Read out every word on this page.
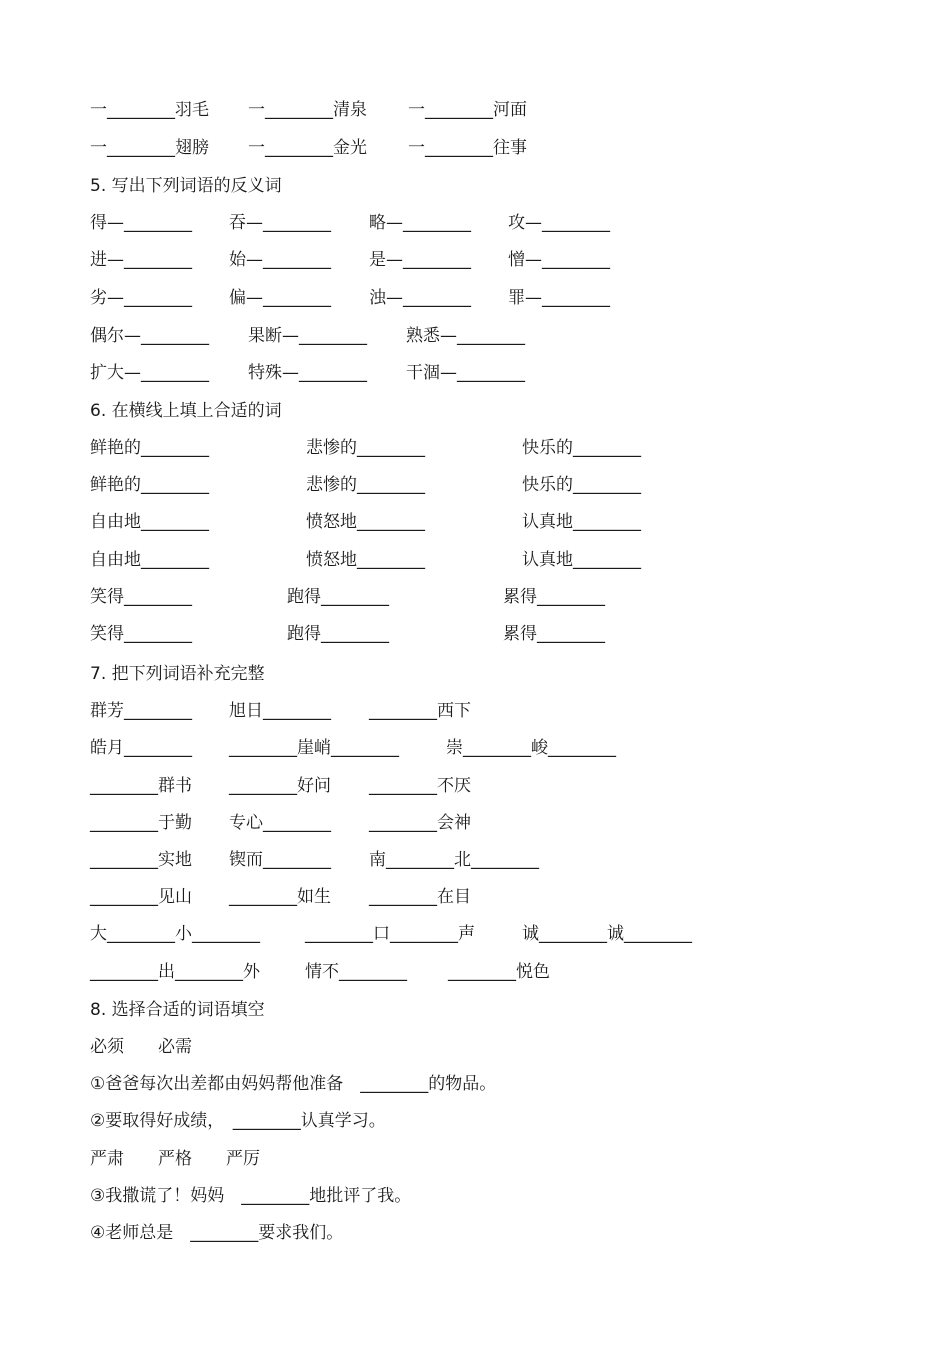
一________羽毛 一________清泉 一________河面
一________翅膀 一________金光 一________往事
5. 写出下列词语的反义词
得—________ 吞—________ 略—________ 攻—________
进—________ 始—________ 是—________ 憎—________
劣—________ 偏—________ 浊—________ 罪—________
偶尔—________ 果断—________ 熟悉—________
扩大—________ 特殊—________ 干涸—________
6. 在横线上填上合适的词
鲜艳的________	悲惨的________	快乐的________
鲜艳的________	悲惨的________	快乐的________
自由地________	愤怒地________	认真地________
自由地________	愤怒地________	认真地________
笑得________	跑得________	累得________
笑得________	跑得________	累得________
7. 把下列词语补充完整
群芳________ 旭日________ ________西下
皓月________ ________崖峭________	崇________峻________
________群书 ________好问 ________不厌
________于勤 专心________ ________会神
________实地 锲而________ 南________北________
________见山 ________如生 ________在目
大________小________	________口________声	诚________诚________
________出________外	情不________ ________悦色
8. 选择合适的词语填空
必须　　必需
①爸爸每次出差都由妈妈帮他准备　________的物品。
②要取得好成绩，　________认真学习。
严肃　　严格　　严厉
③我撒谎了！妈妈　________地批评了我。
④老师总是　________要求我们。
